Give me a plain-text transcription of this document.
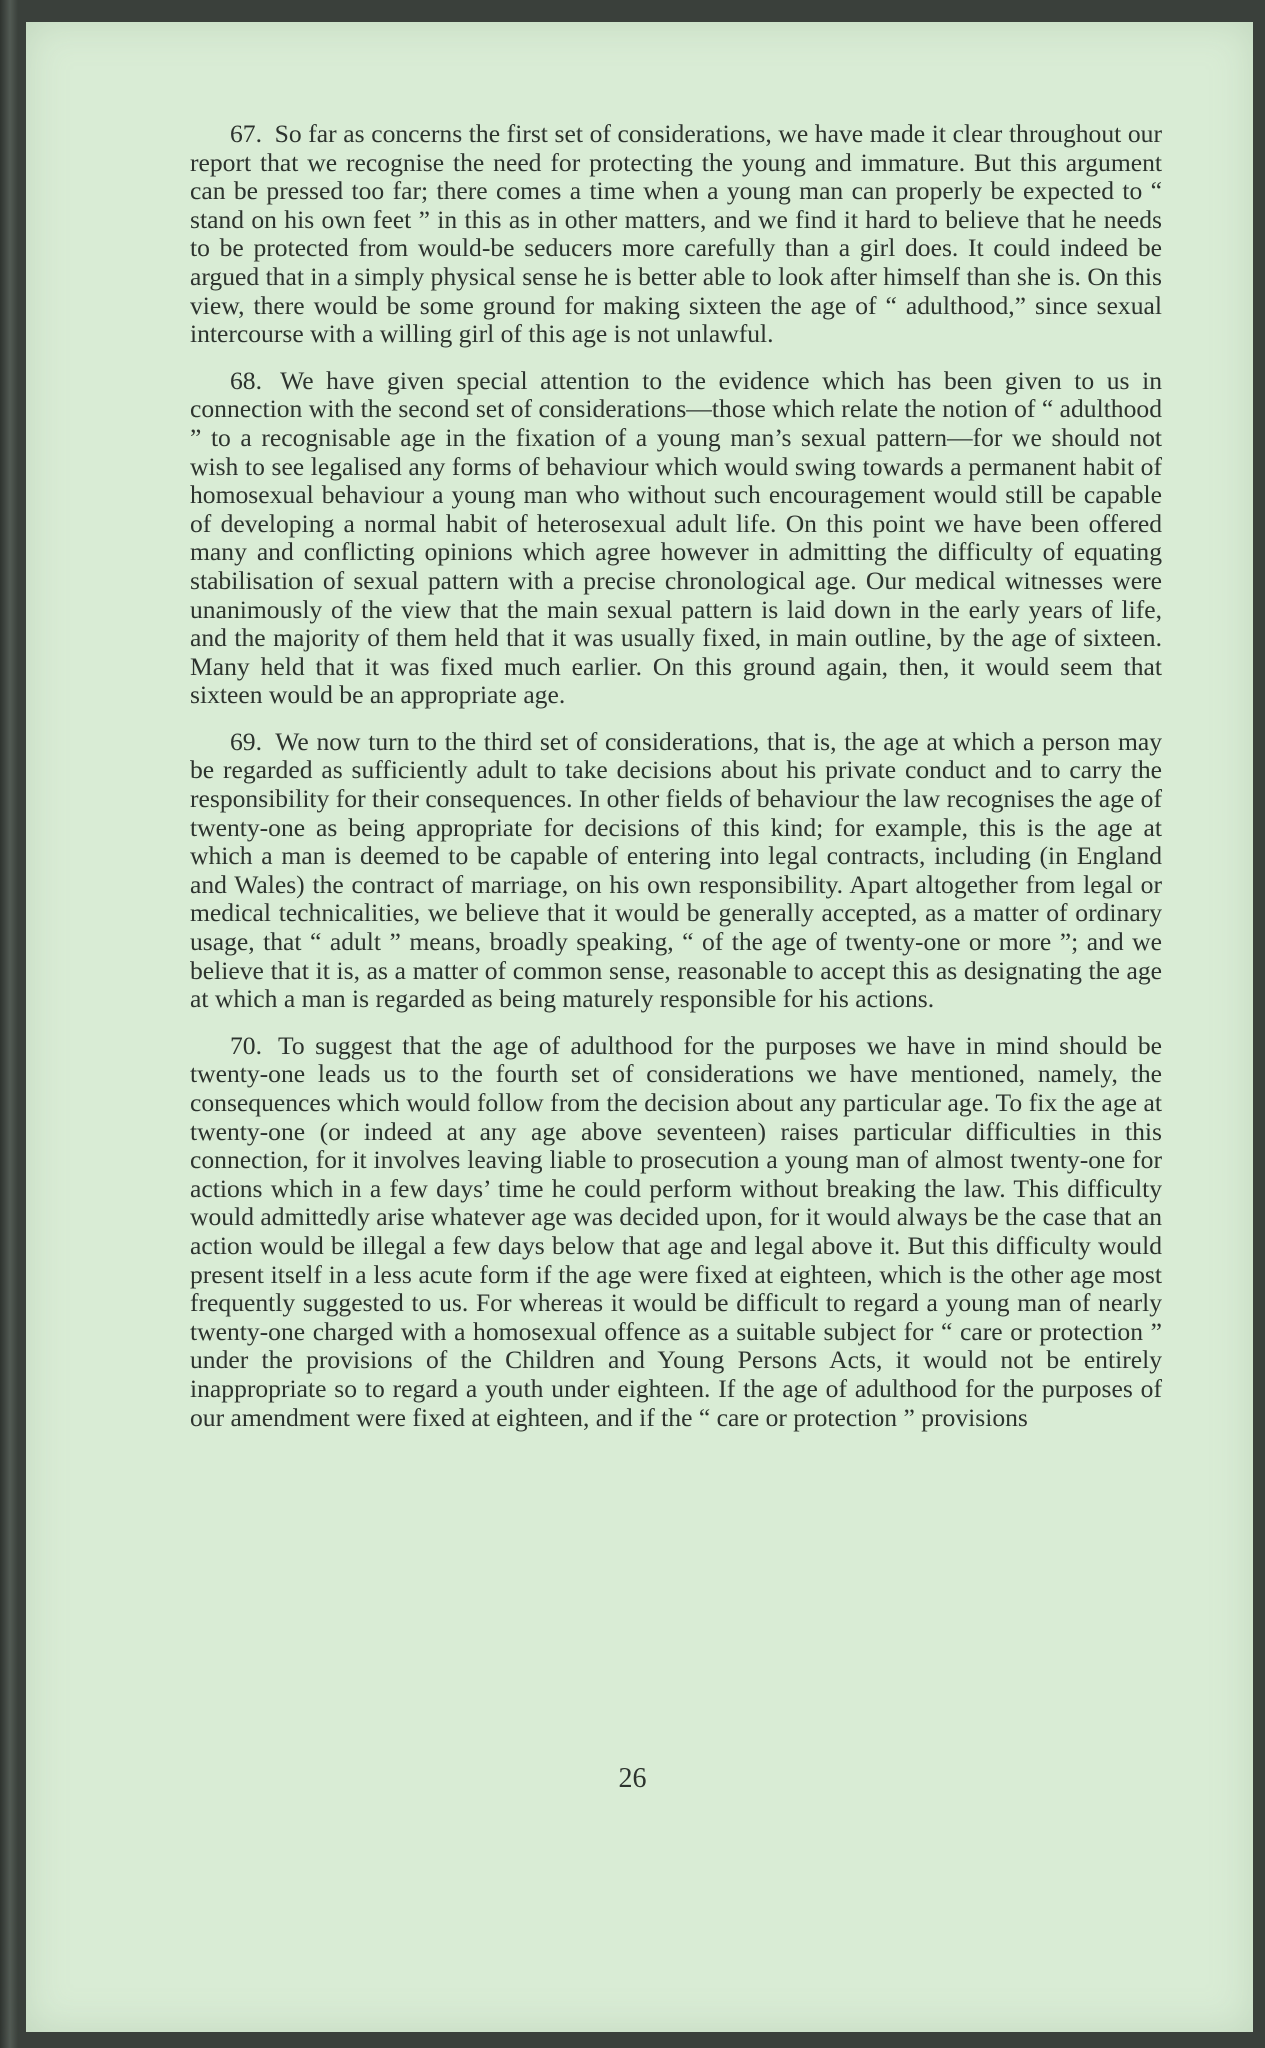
67. So far as concerns the first set of considerations, we have made it clear throughout our report that we recognise the need for protecting the young and immature. But this argument can be pressed too far; there comes a time when a young man can properly be expected to “ stand on his own feet ” in this as in other matters, and we find it hard to believe that he needs to be protected from would-be seducers more carefully than a girl does. It could indeed be argued that in a simply physical sense he is better able to look after himself than she is. On this view, there would be some ground for making sixteen the age of “ adulthood,” since sexual intercourse with a willing girl of this age is not unlawful.

68. We have given special attention to the evidence which has been given to us in connection with the second set of considerations—those which relate the notion of “ adulthood ” to a recognisable age in the fixation of a young man’s sexual pattern—for we should not wish to see legalised any forms of behaviour which would swing towards a permanent habit of homosexual behaviour a young man who without such encouragement would still be capable of developing a normal habit of heterosexual adult life. On this point we have been offered many and conflicting opinions which agree however in admitting the difficulty of equating stabilisation of sexual pattern with a precise chronological age. Our medical witnesses were unanimously of the view that the main sexual pattern is laid down in the early years of life, and the majority of them held that it was usually fixed, in main outline, by the age of sixteen. Many held that it was fixed much earlier. On this ground again, then, it would seem that sixteen would be an appropriate age.

69. We now turn to the third set of considerations, that is, the age at which a person may be regarded as sufficiently adult to take decisions about his private conduct and to carry the responsibility for their consequences. In other fields of behaviour the law recognises the age of twenty-one as being appropriate for decisions of this kind; for example, this is the age at which a man is deemed to be capable of entering into legal contracts, including (in England and Wales) the contract of marriage, on his own responsibility. Apart altogether from legal or medical technicalities, we believe that it would be generally accepted, as a matter of ordinary usage, that “ adult ” means, broadly speaking, “ of the age of twenty-one or more ”; and we believe that it is, as a matter of common sense, reasonable to accept this as designating the age at which a man is regarded as being maturely responsible for his actions.

70. To suggest that the age of adulthood for the purposes we have in mind should be twenty-one leads us to the fourth set of considerations we have mentioned, namely, the consequences which would follow from the decision about any particular age. To fix the age at twenty-one (or indeed at any age above seventeen) raises particular difficulties in this connection, for it involves leaving liable to prosecution a young man of almost twenty-one for actions which in a few days’ time he could perform without breaking the law. This difficulty would admittedly arise whatever age was decided upon, for it would always be the case that an action would be illegal a few days below that age and legal above it. But this difficulty would present itself in a less acute form if the age were fixed at eighteen, which is the other age most frequently suggested to us. For whereas it would be difficult to regard a young man of nearly twenty-one charged with a homosexual offence as a suitable subject for “ care or protection ” under the provisions of the Children and Young Persons Acts, it would not be entirely inappropriate so to regard a youth under eighteen. If the age of adulthood for the purposes of our amendment were fixed at eighteen, and if the “ care or protection ” provisions

26
